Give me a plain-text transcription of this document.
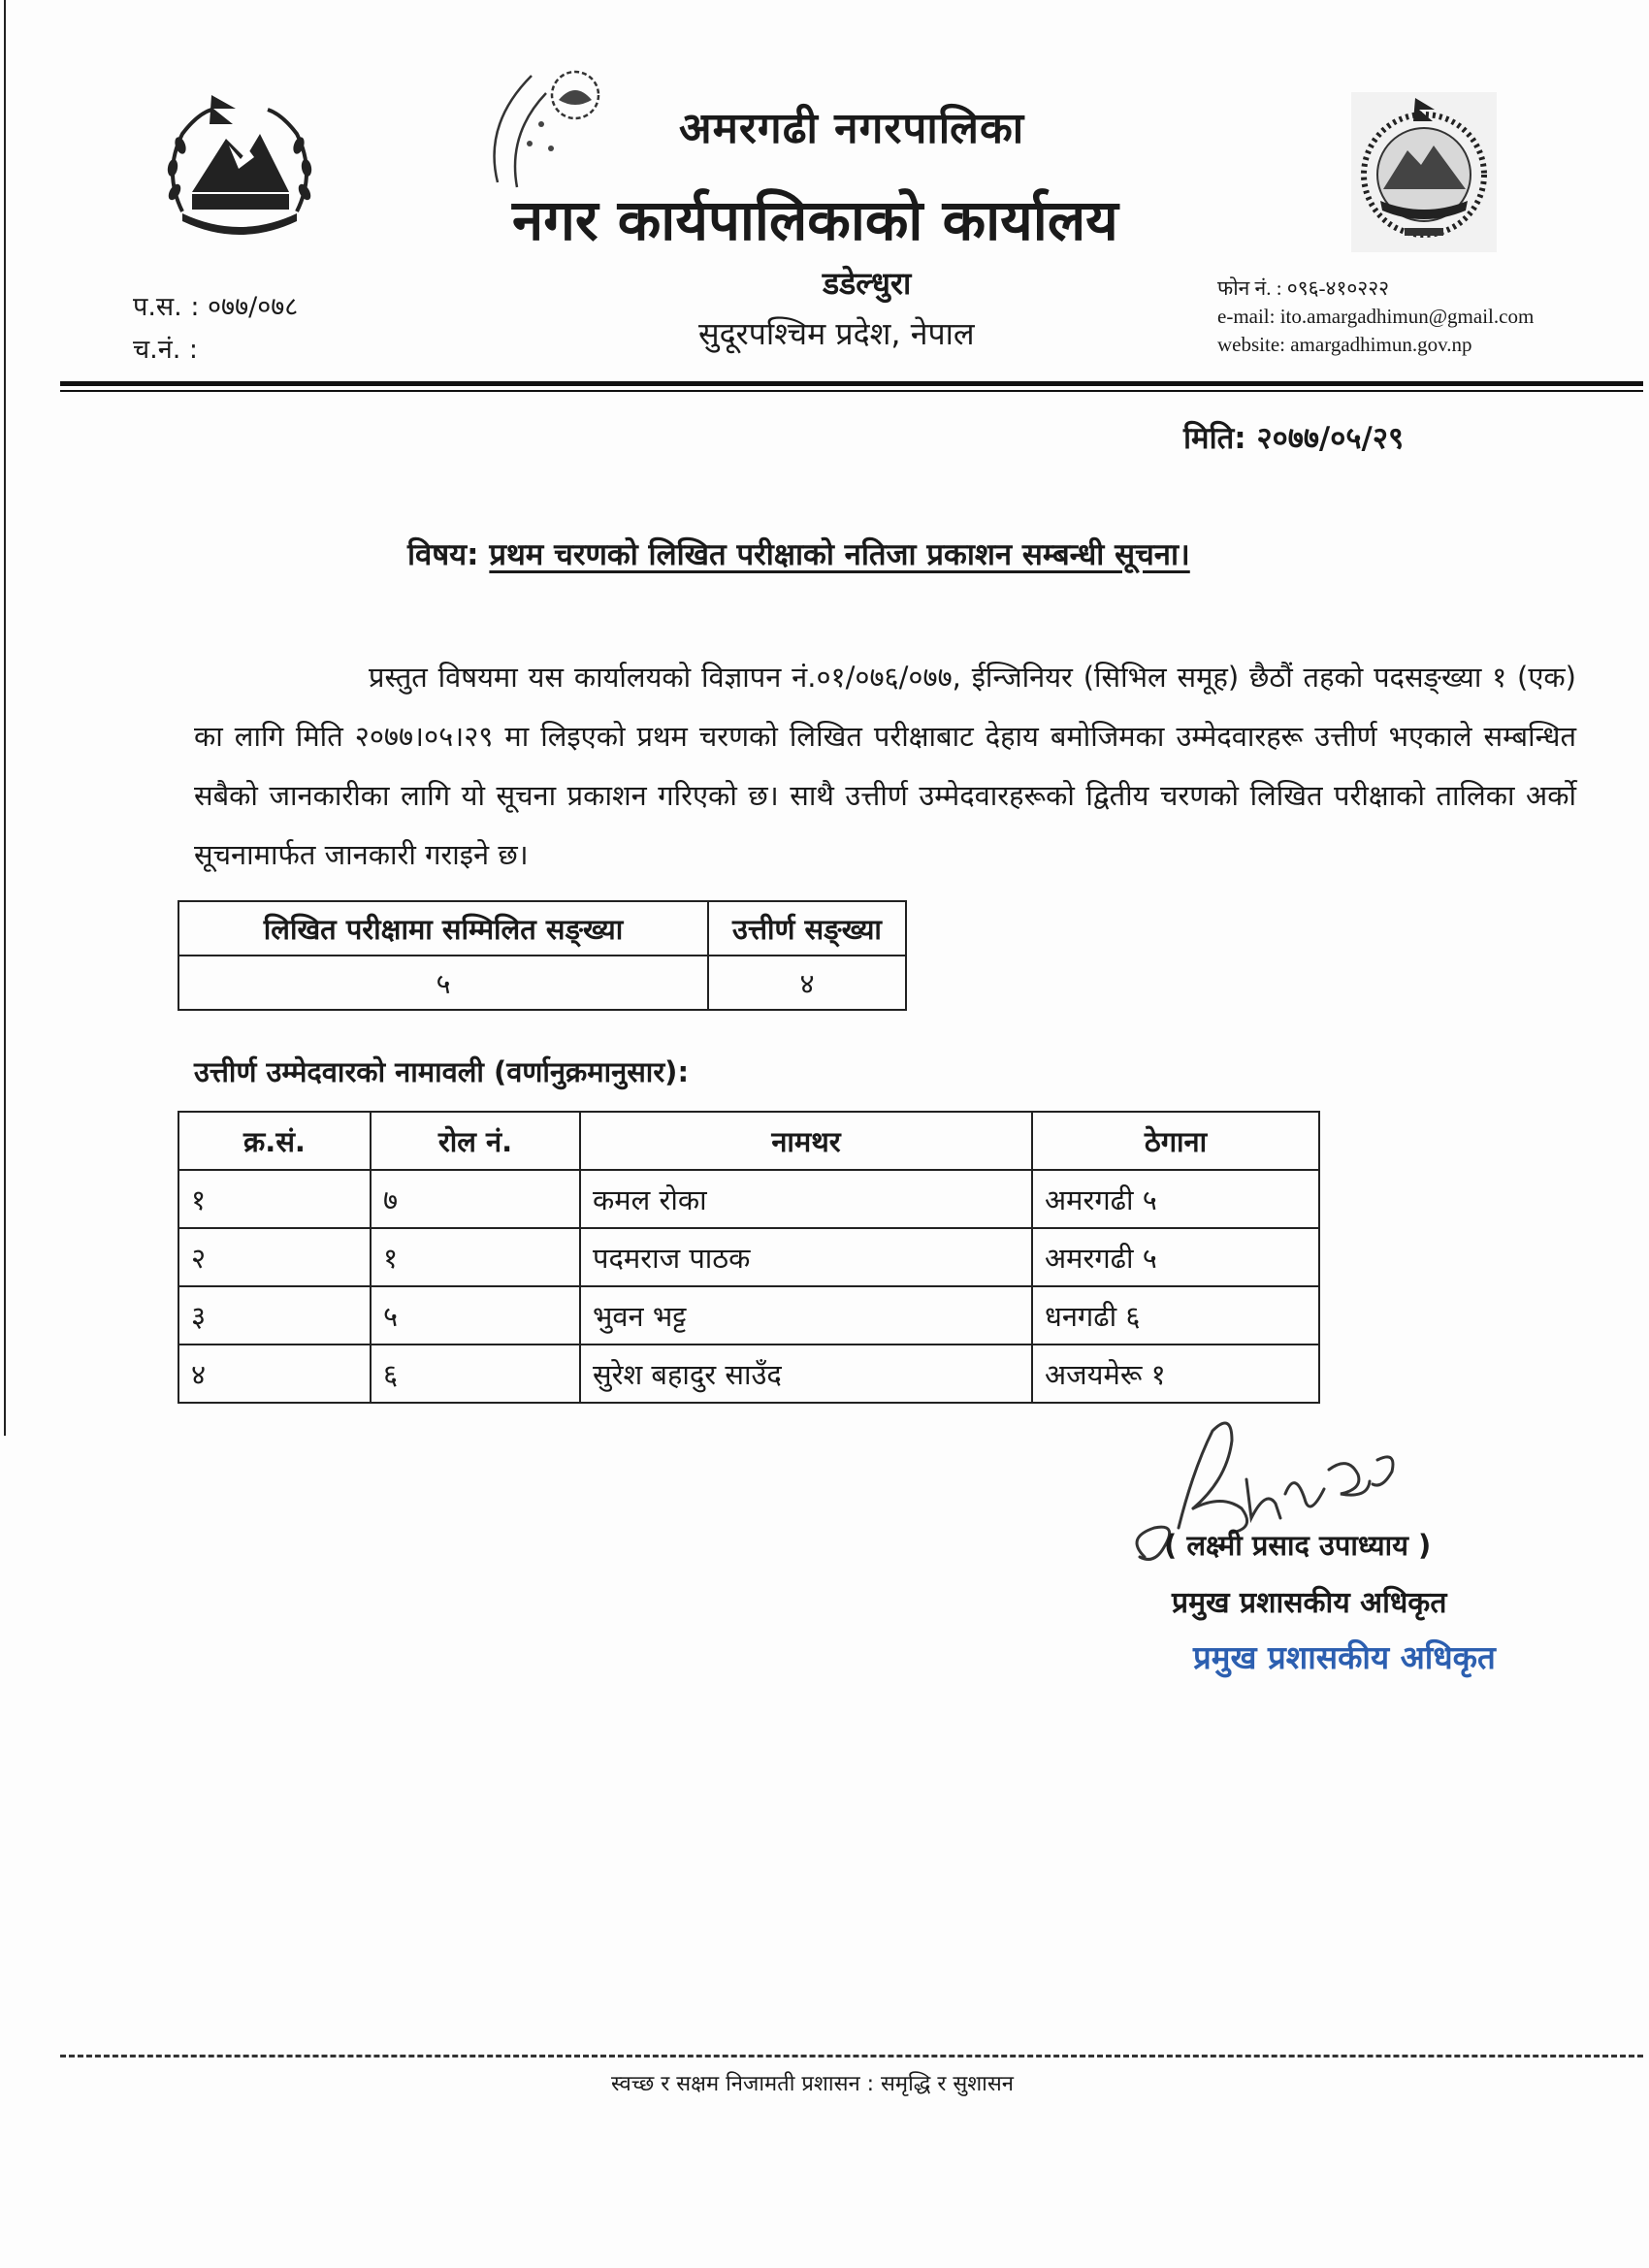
अमरगढी नगरपालिका
नगर कार्यपालिकाको कार्यालय
डडेल्धुरा
सुदूरपश्चिम प्रदेश, नेपाल
प.स. : ०७७/०७८
च.नं. :
फोन नं. : ०९६-४१०२२२
e-mail: ito.amargadhimun@gmail.com
website: amargadhimun.gov.np
मिति: २०७७/०५/२९
विषय: प्रथम चरणको लिखित परीक्षाको नतिजा प्रकाशन सम्बन्धी सूचना।
प्रस्तुत विषयमा यस कार्यालयको विज्ञापन नं.०१/०७६/०७७, ईन्जिनियर (सिभिल समूह) छैठौं तहको पदसङ्ख्या १ (एक) का लागि मिति २०७७।०५।२९ मा लिइएको प्रथम चरणको लिखित परीक्षाबाट देहाय बमोजिमका उम्मेदवारहरू उत्तीर्ण भएकाले सम्बन्धित सबैको जानकारीका लागि यो सूचना प्रकाशन गरिएको छ। साथै उत्तीर्ण उम्मेदवारहरूको द्वितीय चरणको लिखित परीक्षाको तालिका अर्को सूचनामार्फत जानकारी गराइने छ।
लिखित परीक्षामा सम्मिलित सङ्ख्या	उत्तीर्ण सङ्ख्या
५	४
उत्तीर्ण उम्मेदवारको नामावली (वर्णानुक्रमानुसार):
क्र.सं.	रोल नं.	नामथर	ठेगाना
१	७	कमल रोका	अमरगढी ५
२	१	पदमराज पाठक	अमरगढी ५
३	५	भुवन भट्ट	धनगढी ६
४	६	सुरेश बहादुर साउँद	अजयमेरू १
( लक्ष्मी प्रसाद उपाध्याय )
प्रमुख प्रशासकीय अधिकृत
प्रमुख प्रशासकीय अधिकृत
स्वच्छ र सक्षम निजामती प्रशासन : समृद्धि र सुशासन
